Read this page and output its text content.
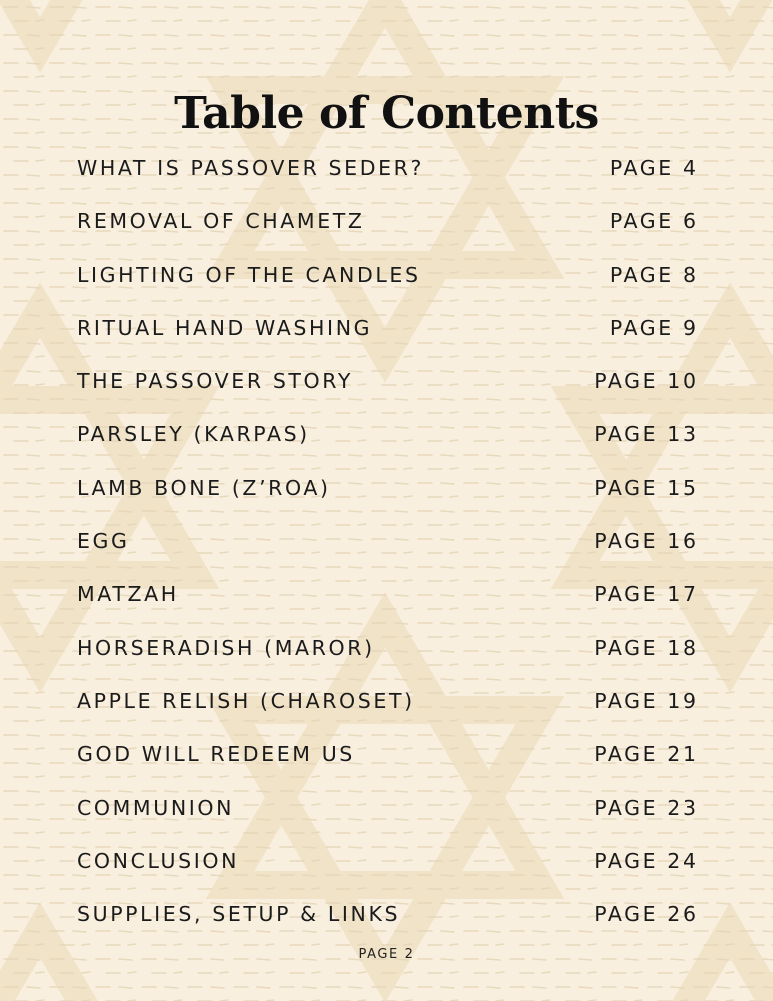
Table of Contents
WHAT IS PASSOVER SEDER?	PAGE 4
REMOVAL OF CHAMETZ	PAGE 6
LIGHTING OF THE CANDLES	PAGE 8
RITUAL HAND WASHING	PAGE 9
THE PASSOVER STORY	PAGE 10
PARSLEY (KARPAS)	PAGE 13
LAMB BONE (Z’ROA)	PAGE 15
EGG	PAGE 16
MATZAH	PAGE 17
HORSERADISH (MAROR)	PAGE 18
APPLE RELISH (CHAROSET)	PAGE 19
GOD WILL REDEEM US	PAGE 21
COMMUNION	PAGE 23
CONCLUSION	PAGE 24
SUPPLIES, SETUP & LINKS	PAGE 26
PAGE 2
